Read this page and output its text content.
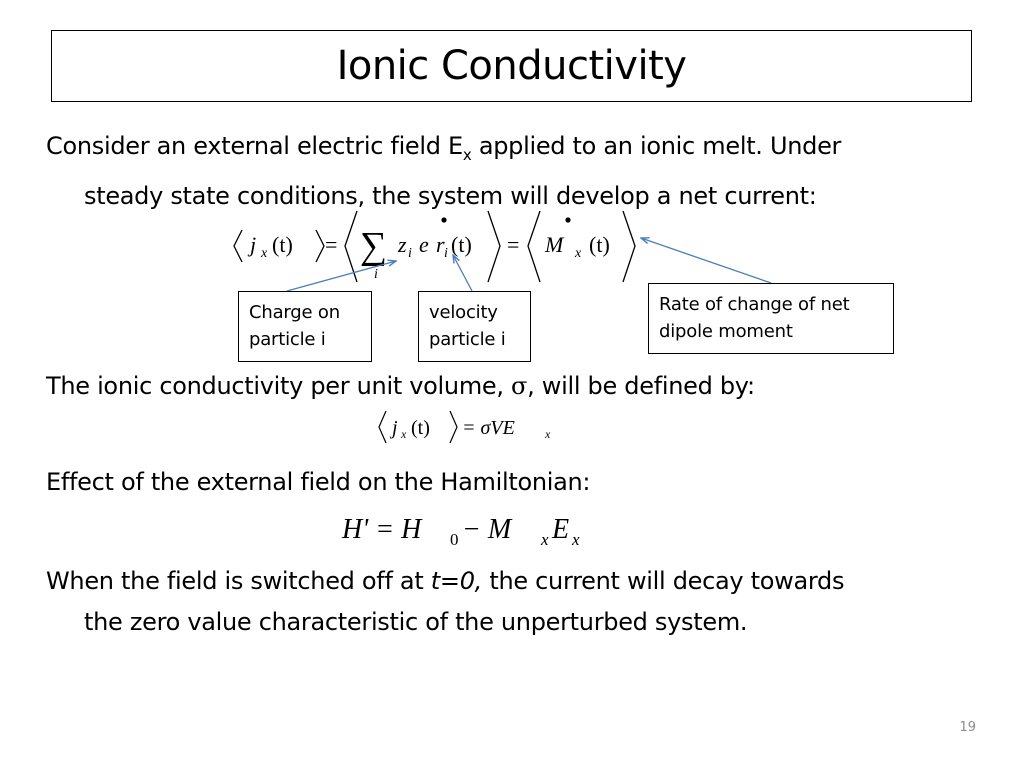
Ionic Conductivity

Consider an external electric field $E_x$ applied to an ionic melt. Under
steady state conditions, the system will develop a net current:

j x (t) = ∑
i
z i e r i (t) = M x (t)
Charge on
particle i
velocity
particle i
Rate of change of net
dipole moment

The ionic conductivity per unit volume, σ, will be defined by:

j x (t) = σVE	x

Effect of the external field on the Hamiltonian:

H' = H 0 − M x E x

When the field is switched off at t=0, the current will decay towards
the zero value characteristic of the unperturbed system.

19
